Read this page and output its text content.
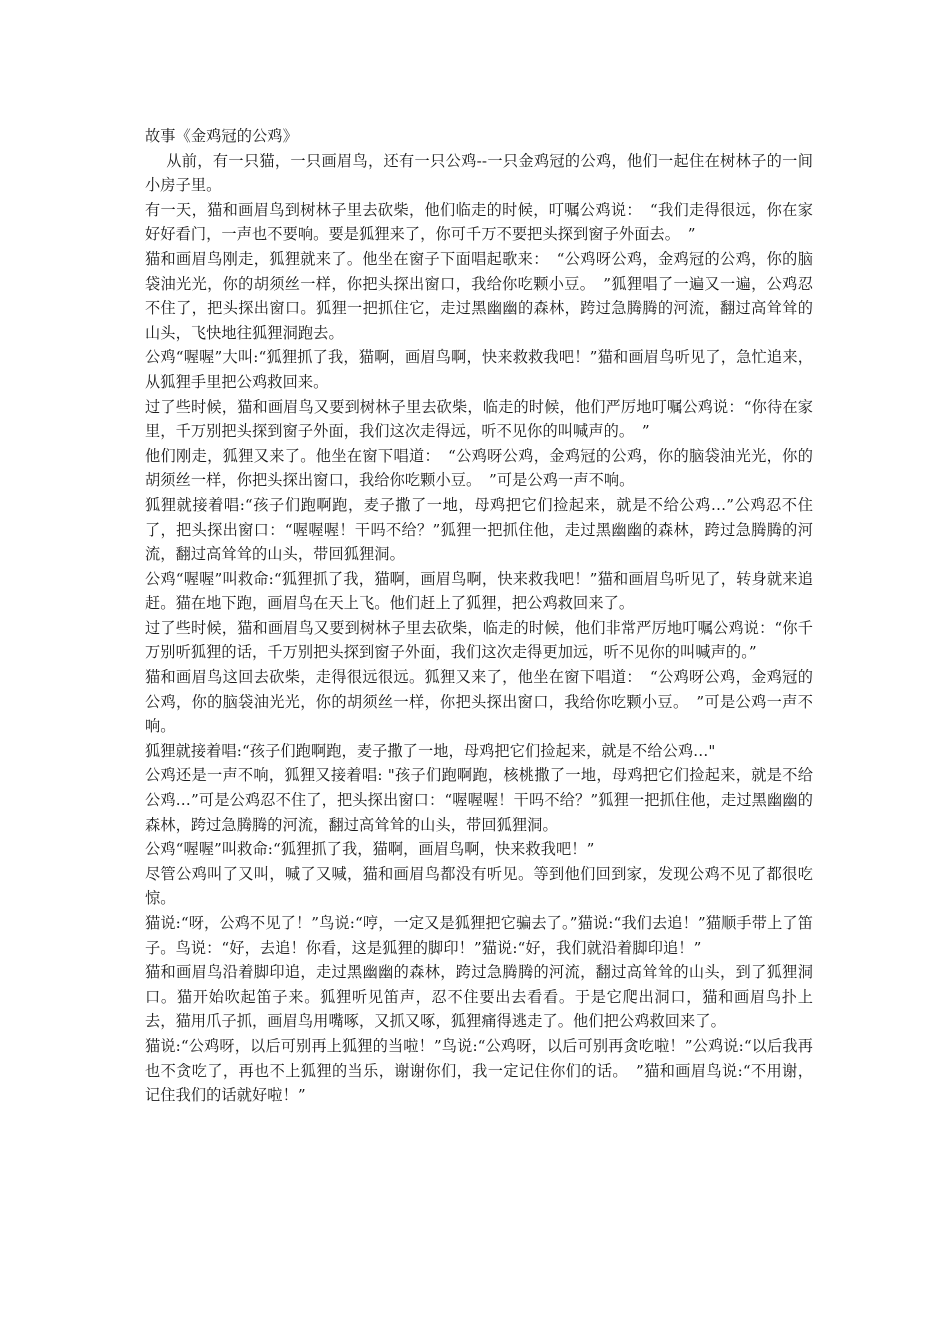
故事《金鸡冠的公鸡》

从前，有一只猫，一只画眉鸟，还有一只公鸡--一只金鸡冠的公鸡，他们一起住在树林子的一间小房子里。

有一天，猫和画眉鸟到树林子里去砍柴，他们临走的时候，叮嘱公鸡说：　“我们走得很远，你在家好好看门，一声也不要响。要是狐狸来了，你可千万不要把头探到窗子外面去。　”

猫和画眉鸟刚走，狐狸就来了。他坐在窗子下面唱起歌来：　“公鸡呀公鸡，金鸡冠的公鸡，你的脑袋油光光，你的胡须丝一样，你把头探出窗口，我给你吃颗小豆。　”狐狸唱了一遍又一遍，公鸡忍不住了，把头探出窗口。狐狸一把抓住它，走过黑幽幽的森林，跨过急腾腾的河流，翻过高耸耸的山头，飞快地往狐狸洞跑去。

公鸡“喔喔”大叫:“狐狸抓了我，猫啊，画眉鸟啊，快来救救我吧！”猫和画眉鸟听见了，急忙追来，从狐狸手里把公鸡救回来。

过了些时候，猫和画眉鸟又要到树林子里去砍柴，临走的时候，他们严厉地叮嘱公鸡说：“你待在家里，千万别把头探到窗子外面，我们这次走得远，听不见你的叫喊声的。　”

他们刚走，狐狸又来了。他坐在窗下唱道：　“公鸡呀公鸡，金鸡冠的公鸡，你的脑袋油光光，你的胡须丝一样，你把头探出窗口，我给你吃颗小豆。　”可是公鸡一声不响。

狐狸就接着唱:“孩子们跑啊跑，麦子撒了一地，母鸡把它们捡起来，就是不给公鸡…”公鸡忍不住了，把头探出窗口：“喔喔喔！干吗不给？”狐狸一把抓住他，走过黑幽幽的森林，跨过急腾腾的河流，翻过高耸耸的山头，带回狐狸洞。

公鸡“喔喔”叫救命:“狐狸抓了我，猫啊，画眉鸟啊，快来救我吧！”猫和画眉鸟听见了，转身就来追赶。猫在地下跑，画眉鸟在天上飞。他们赶上了狐狸，把公鸡救回来了。

过了些时候，猫和画眉鸟又要到树林子里去砍柴，临走的时候，他们非常严厉地叮嘱公鸡说：“你千万别听狐狸的话，千万别把头探到窗子外面，我们这次走得更加远，听不见你的叫喊声的。”

猫和画眉鸟这回去砍柴，走得很远很远。狐狸又来了，他坐在窗下唱道：　“公鸡呀公鸡，金鸡冠的公鸡，你的脑袋油光光，你的胡须丝一样，你把头探出窗口，我给你吃颗小豆。　”可是公鸡一声不响。

狐狸就接着唱:“孩子们跑啊跑，麦子撒了一地，母鸡把它们捡起来，就是不给公鸡…"

公鸡还是一声不响，狐狸又接着唱: "孩子们跑啊跑，核桃撒了一地，母鸡把它们捡起来，就是不给公鸡…”可是公鸡忍不住了，把头探出窗口：“喔喔喔！干吗不给？”狐狸一把抓住他，走过黑幽幽的森林，跨过急腾腾的河流，翻过高耸耸的山头，带回狐狸洞。

公鸡“喔喔”叫救命:“狐狸抓了我，猫啊，画眉鸟啊，快来救我吧！”

尽管公鸡叫了又叫，喊了又喊，猫和画眉鸟都没有听见。等到他们回到家，发现公鸡不见了都很吃惊。

猫说:“呀，公鸡不见了！”鸟说:“哼，一定又是狐狸把它骗去了。”猫说:“我们去追！”猫顺手带上了笛子。鸟说：“好，去追！你看，这是狐狸的脚印！”猫说:“好，我们就沿着脚印追！”

猫和画眉鸟沿着脚印追，走过黑幽幽的森林，跨过急腾腾的河流，翻过高耸耸的山头，到了狐狸洞口。猫开始吹起笛子来。狐狸听见笛声，忍不住要出去看看。于是它爬出洞口，猫和画眉鸟扑上去，猫用爪子抓，画眉鸟用嘴啄，又抓又啄，狐狸痛得逃走了。他们把公鸡救回来了。

猫说:“公鸡呀，以后可别再上狐狸的当啦！”鸟说:“公鸡呀，以后可别再贪吃啦！”公鸡说:“以后我再也不贪吃了，再也不上狐狸的当乐，谢谢你们，我一定记住你们的话。　”猫和画眉鸟说:“不用谢，记住我们的话就好啦！”
